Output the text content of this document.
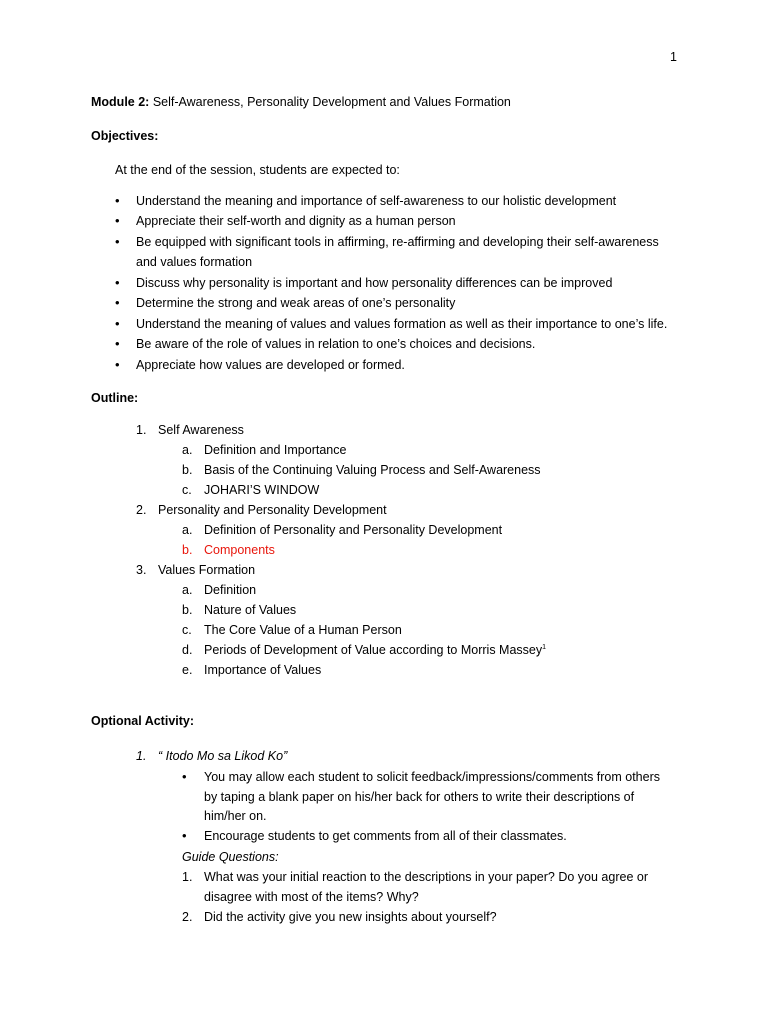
1
Module 2: Self-Awareness, Personality Development and Values Formation
Objectives:
At the end of the session, students are expected to:
•
Understand the meaning and importance of self-awareness to our holistic development
•
Appreciate their self-worth and dignity as a human person
•
Be equipped with significant tools in affirming, re-affirming and developing their self-awareness
and values formation
•
Discuss why personality is important and how personality differences can be improved
•
Determine the strong and weak areas of one’s personality
•
Understand the meaning of values and values formation as well as their importance to one’s life.
•
Be aware of the role of values in relation to one’s choices and decisions.
•
Appreciate how values are developed or formed.
Outline:
1. Self Awareness
a. Definition and Importance
b. Basis of the Continuing Valuing Process and Self-Awareness
c. JOHARI’S WINDOW
2. Personality and Personality Development
a. Definition of Personality and Personality Development
b. Components
3. Values Formation
a. Definition
b. Nature of Values
c. The Core Value of a Human Person
d. Periods of Development of Value according to Morris Massey$^1$
e. Importance of Values
Optional Activity:
1. “ Itodo Mo sa Likod Ko”
•
You may allow each student to solicit feedback/impressions/comments from others
by taping a blank paper on his/her back for others to write their descriptions of
him/her on.
•
Encourage students to get comments from all of their classmates.
Guide Questions:
1. What was your initial reaction to the descriptions in your paper? Do you agree or
disagree with most of the items? Why?
2. Did the activity give you new insights about yourself?
